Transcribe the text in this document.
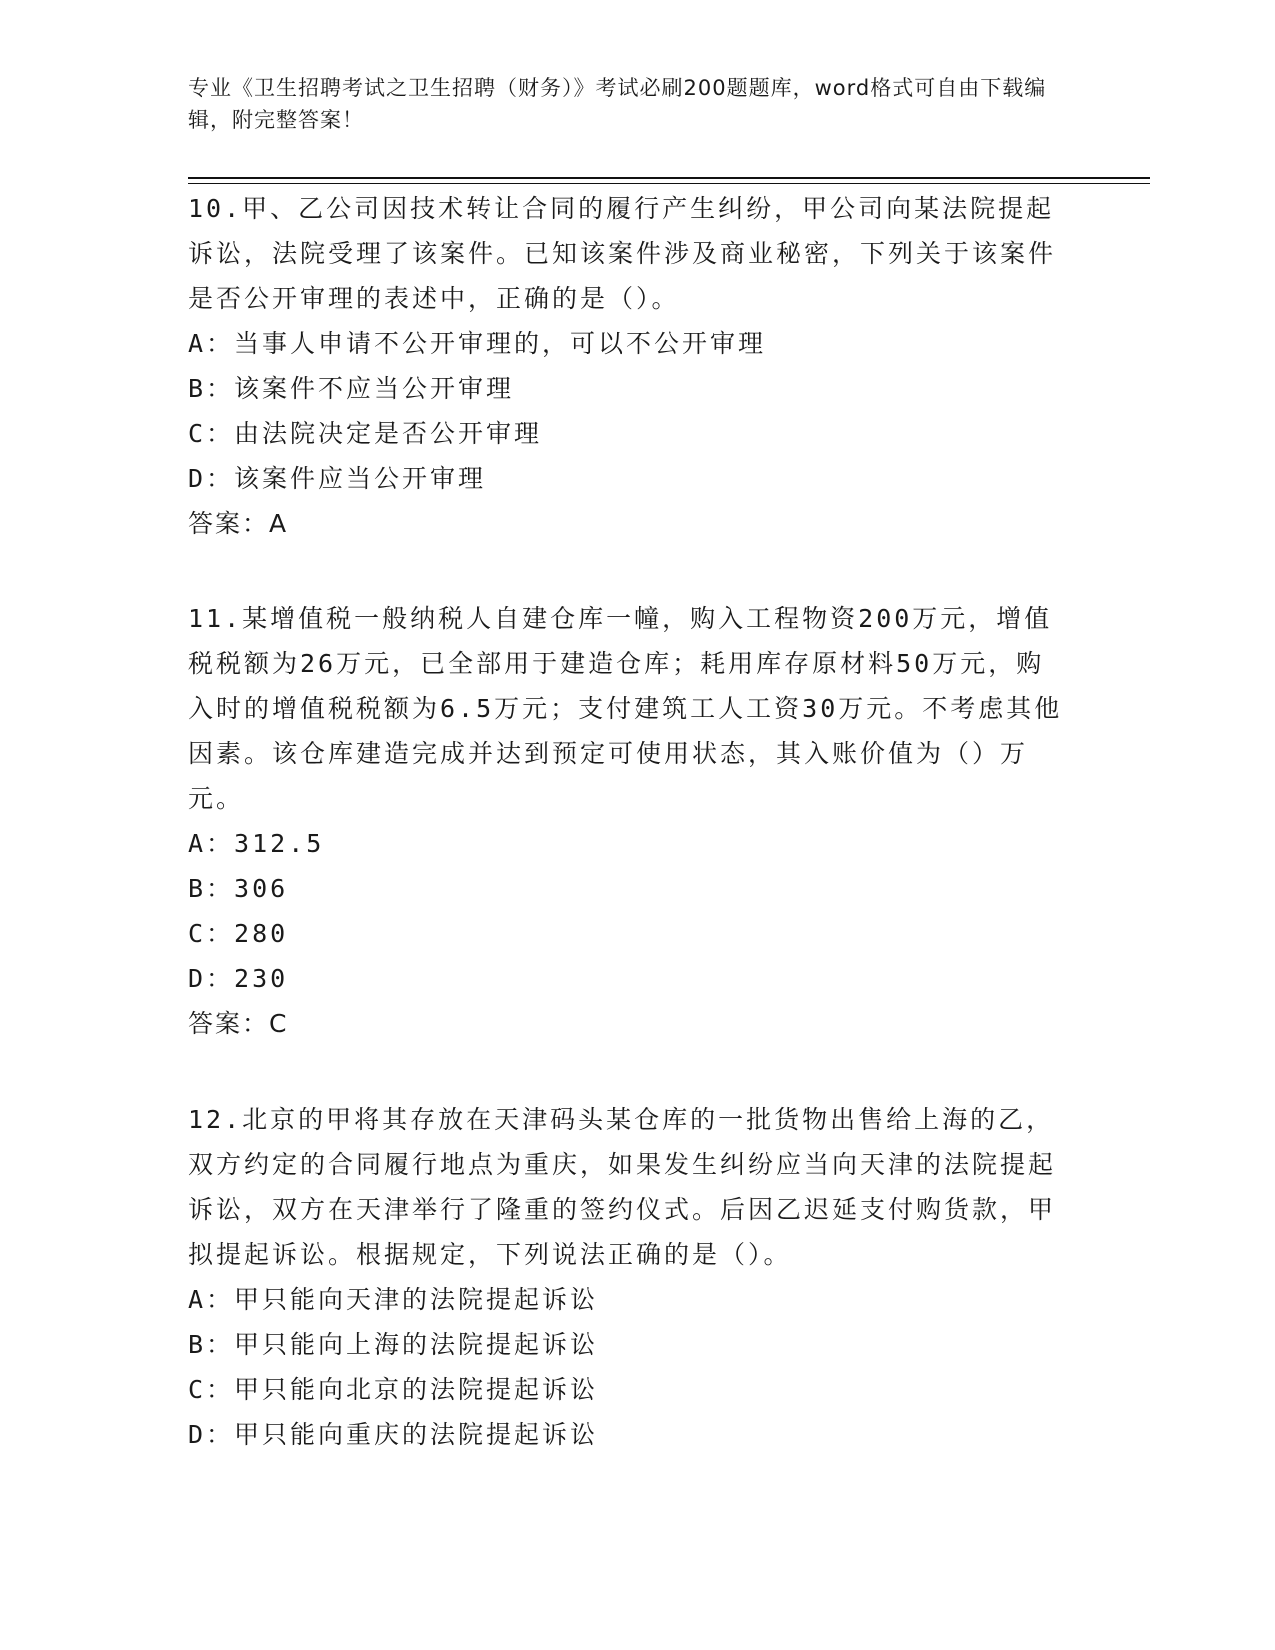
专业《卫生招聘考试之卫生招聘（财务）》考试必刷200题题库，word格式可自由下载编辑，附完整答案！

10.甲、乙公司因技术转让合同的履行产生纠纷，甲公司向某法院提起诉讼，法院受理了该案件。已知该案件涉及商业秘密，下列关于该案件是否公开审理的表述中，正确的是（）。

A：当事人申请不公开审理的，可以不公开审理

B：该案件不应当公开审理

C：由法院决定是否公开审理

D：该案件应当公开审理

答案：A

11.某增值税一般纳税人自建仓库一幢，购入工程物资200万元，增值税税额为26万元，已全部用于建造仓库；耗用库存原材料50万元，购入时的增值税税额为6.5万元；支付建筑工人工资30万元。不考虑其他因素。该仓库建造完成并达到预定可使用状态，其入账价值为（）万元。

A：312.5

B：306

C：280

D：230

答案：C

12.北京的甲将其存放在天津码头某仓库的一批货物出售给上海的乙，双方约定的合同履行地点为重庆，如果发生纠纷应当向天津的法院提起诉讼，双方在天津举行了隆重的签约仪式。后因乙迟延支付购货款，甲拟提起诉讼。根据规定，下列说法正确的是（）。

A：甲只能向天津的法院提起诉讼

B：甲只能向上海的法院提起诉讼

C：甲只能向北京的法院提起诉讼

D：甲只能向重庆的法院提起诉讼
